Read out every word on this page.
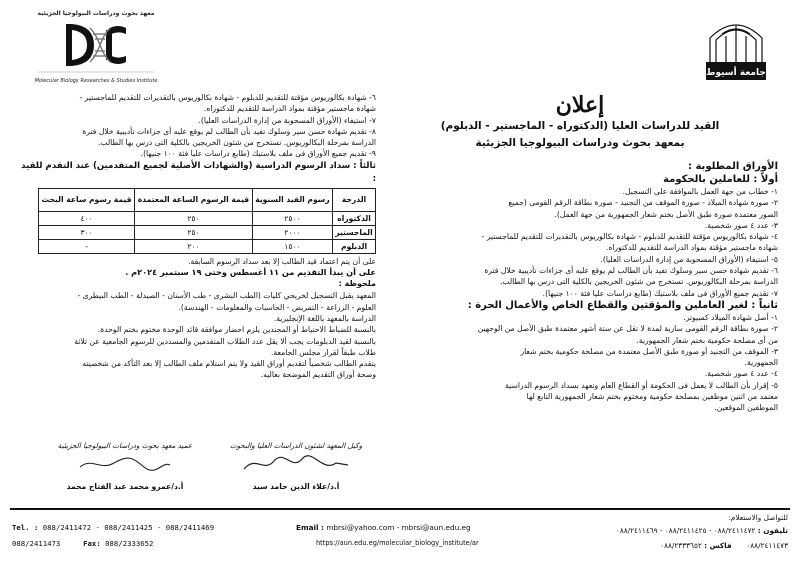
معهد بحوث ودراسات البيولوجيا الجزيئية
Molecular Biology Researches & Studies Institute
جامعة أسيوط
إعلان
القيد للدراسات العليا (الدكتوراه - الماجستير - الدبلوم)
بمعهد بحوث ودراسات البيولوجيا الجزيئية
الأوراق المطلوبة :
أولاً : للعاملين بالحكومة

١- خطاب من جهة العمل بالموافقة على التسجيل.

٢- صورة شهادة الميلاد - صورة الموقف من التجنيد - صورة بطاقة الرقم القومى (جميع

الصور معتمدة صورة طبق الأصل بختم شعار الجمهورية من جهة العمل).

٣- عدد ٤ صور شخصية.

٤- شهادة بكالوريوس مؤقتة للتقديم للدبلوم - شهادة بكالوريوس بالتقديرات للتقديم للماجستير -

شهادة ماجستير مؤقتة بمواد الدراسة للتقديم للدكتوراه.

٥- استيفاء (الأوراق المسحوبة من إدارة الدراسات العليا).

٦- تقديم شهادة حسن سير وسلوك تفيد بأن الطالب لم يوقع عليه أى جزاءات تأديبية خلال فترة

الدراسة بمرحلة البكالوريوس. تستخرج من شئون الخريجين بالكلية التى درس بها الطالب.

٧- تقديم جميع الأوراق فى ملف بلاستيك (طابع دراسات عليا فئة ١٠٠ جنيها).

ثانياً : لغير العاملين والمؤقتين والقطاع الخاص والأعمال الحرة :

١- أصل شهادة الميلاد كمبيوتر.

٢- صورة بطاقة الرقم القومى سارية لمدة لا تقل عن ستة أشهر معتمدة طبق الأصل من الوجهين

من أى مصلحة حكومية بختم شعار الجمهورية.

٣- الموقف من التجنيد أو صورة طبق الأصل معتمدة من مصلحة حكومية بختم شعار

الجمهورية.

٤- عدد ٤ صور شخصية.

٥- إقرار بأن الطالب لا يعمل فى الحكومة أو القطاع العام وتعهد بسداد الرسوم الدراسية

معتمد من اثنين موظفين بمصلحة حكومية ومختوم بختم شعار الجمهورية التابع لها

الموظفين الموقعين.

٦- شهادة بكالوريوس مؤقتة للتقديم للدبلوم - شهادة بكالوريوس بالتقديرات للتقديم للماجستير -

شهادة ماجستير مؤقتة بمواد الدراسة للتقديم للدكتوراه.

٧- استيفاء (الأوراق المسحوبة من إدارة الدراسات العليا).

٨- تقديم شهادة حسن سير وسلوك تفيد بأن الطالب لم يوقع عليه أى جزاءات تأديبية خلال فترة

الدراسة بمرحلة البكالوريوس. تستخرج من شئون الخريجين بالكلية التى درس بها الطالب.

٩- تقديم جميع الأوراق فى ملف بلاستيك (طابع دراسات عليا فئة ١٠٠ جنيها).

ثالثاً : سداد الرسوم الدراسية (والشهادات الأصلية لجميع المتقدمين) عند التقدم للقيد :
الدرجة	رسوم القيد السنوية	قيمة الرسوم الساعة المعتمدة	قيمة رسوم ساعة البحث
الدكتوراه	٢٥٠٠	٢٥٠	٤٠٠
الماجستير	٢٠٠٠	٢٥٠	٣٠٠
الدبلوم	١٥٠٠	٢٠٠	-

على أن يتم اعتماد قيد الطالب إلا بعد سداد الرسوم السابقة.

على أن يبدأ التقديم من ١١ أغسطس وحتى ١٩ سبتمبر ٢٠٢٤م .

ملحوظة :

المعهد يقبل التسجيل لخريجي كليات (الطب البشرى - طب الأسنان - الصيدلة - الطب البيطرى -

العلوم - الزراعة - التمريض - الحاسبات والمعلومات - الهندسة).

الدراسة بالمعهد باللغة الإنجليزية.

بالنسبة للضباط الاحتياط أو المجندين يلزم احضار موافقة قائد الوحدة مختوم بختم الوحدة.

بالنسبة لقيد الدبلومات يجب ألا يقل عدد الطلاب المتقدمين والمسددين للرسوم الجامعية عن ثلاثة

طلاب طبقاً لقرار مجلس الجامعة.

يتقدم الطالب شخصياً لتقديم أوراق القيد ولا يتم استلام ملف الطالب إلا بعد التأكد من شخصيته

وصحة أوراق التقديم الموضحة بعاليه.

وكيل المعهد لشئون الدراسات العليا والبحوث
أ.د/علاء الدين حامد سيد
عميد معهد بحوث ودراسات البيولوجيا الجزيئية
أ.د/عمرو محمد عبد الفتاح محمد
Tel. : 088/2411472 - 088/2411425 - 088/2411469
088/2411473	Fax: 088/2333652
Email : mbrsi@yahoo.com - mbrsi@aun.edu.eg
https://aun.edu.eg/molecular_biology_institute/ar
للتواصل والاستعلام:
تليفون : ٠٨٨/٢٤١١٤٧٢ - ٠٨٨/٢٤١١٤٢٥ - ٠٨٨/٢٤١١٤٦٩
٠٨٨/٢٤١١٤٧٣  فاكس : ٠٨٨/٢٣٣٣٦٥٢
